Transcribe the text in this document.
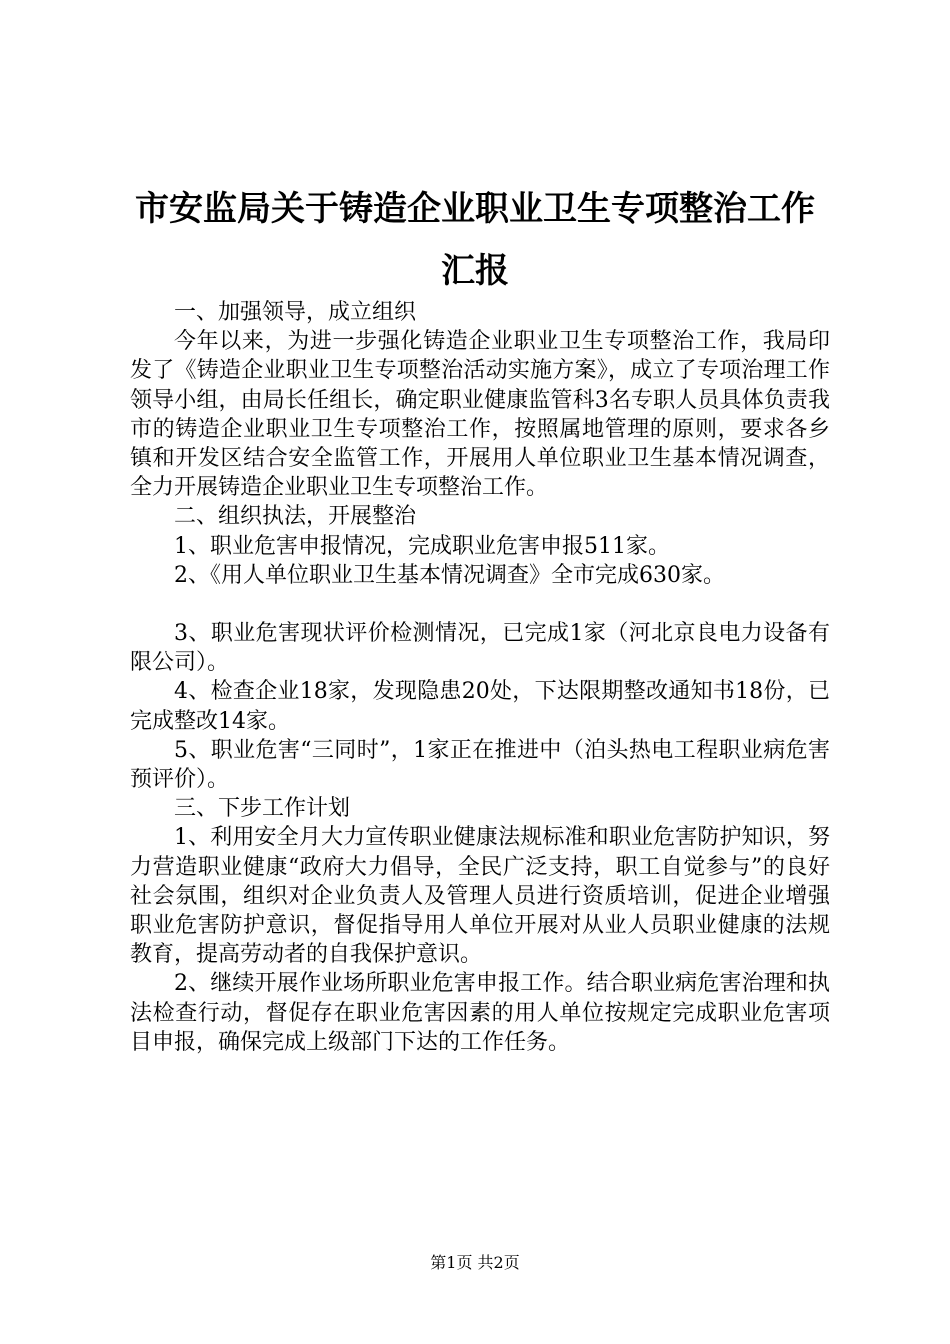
市安监局关于铸造企业职业卫生专项整治工作
汇报

一、加强领导，成立组织

今年以来，为进一步强化铸造企业职业卫生专项整治工作，我局印发了《铸造企业职业卫生专项整治活动实施方案》，成立了专项治理工作领导小组，由局长任组长，确定职业健康监管科3名专职人员具体负责我市的铸造企业职业卫生专项整治工作，按照属地管理的原则，要求各乡镇和开发区结合安全监管工作，开展用人单位职业卫生基本情况调查，全力开展铸造企业职业卫生专项整治工作。

二、组织执法，开展整治

1、职业危害申报情况，完成职业危害申报511家。

2、《用人单位职业卫生基本情况调查》全市完成630家。

3、职业危害现状评价检测情况，已完成1家（河北京良电力设备有限公司）。

4、检查企业18家，发现隐患20处，下达限期整改通知书18份，已完成整改14家。

5、职业危害“三同时”，1家正在推进中（泊头热电工程职业病危害预评价）。

三、下步工作计划

1、利用安全月大力宣传职业健康法规标准和职业危害防护知识，努力营造职业健康“政府大力倡导，全民广泛支持，职工自觉参与”的良好社会氛围，组织对企业负责人及管理人员进行资质培训，促进企业增强职业危害防护意识，督促指导用人单位开展对从业人员职业健康的法规教育，提高劳动者的自我保护意识。

2、继续开展作业场所职业危害申报工作。结合职业病危害治理和执法检查行动，督促存在职业危害因素的用人单位按规定完成职业危害项目申报，确保完成上级部门下达的工作任务。

第1页 共2页
